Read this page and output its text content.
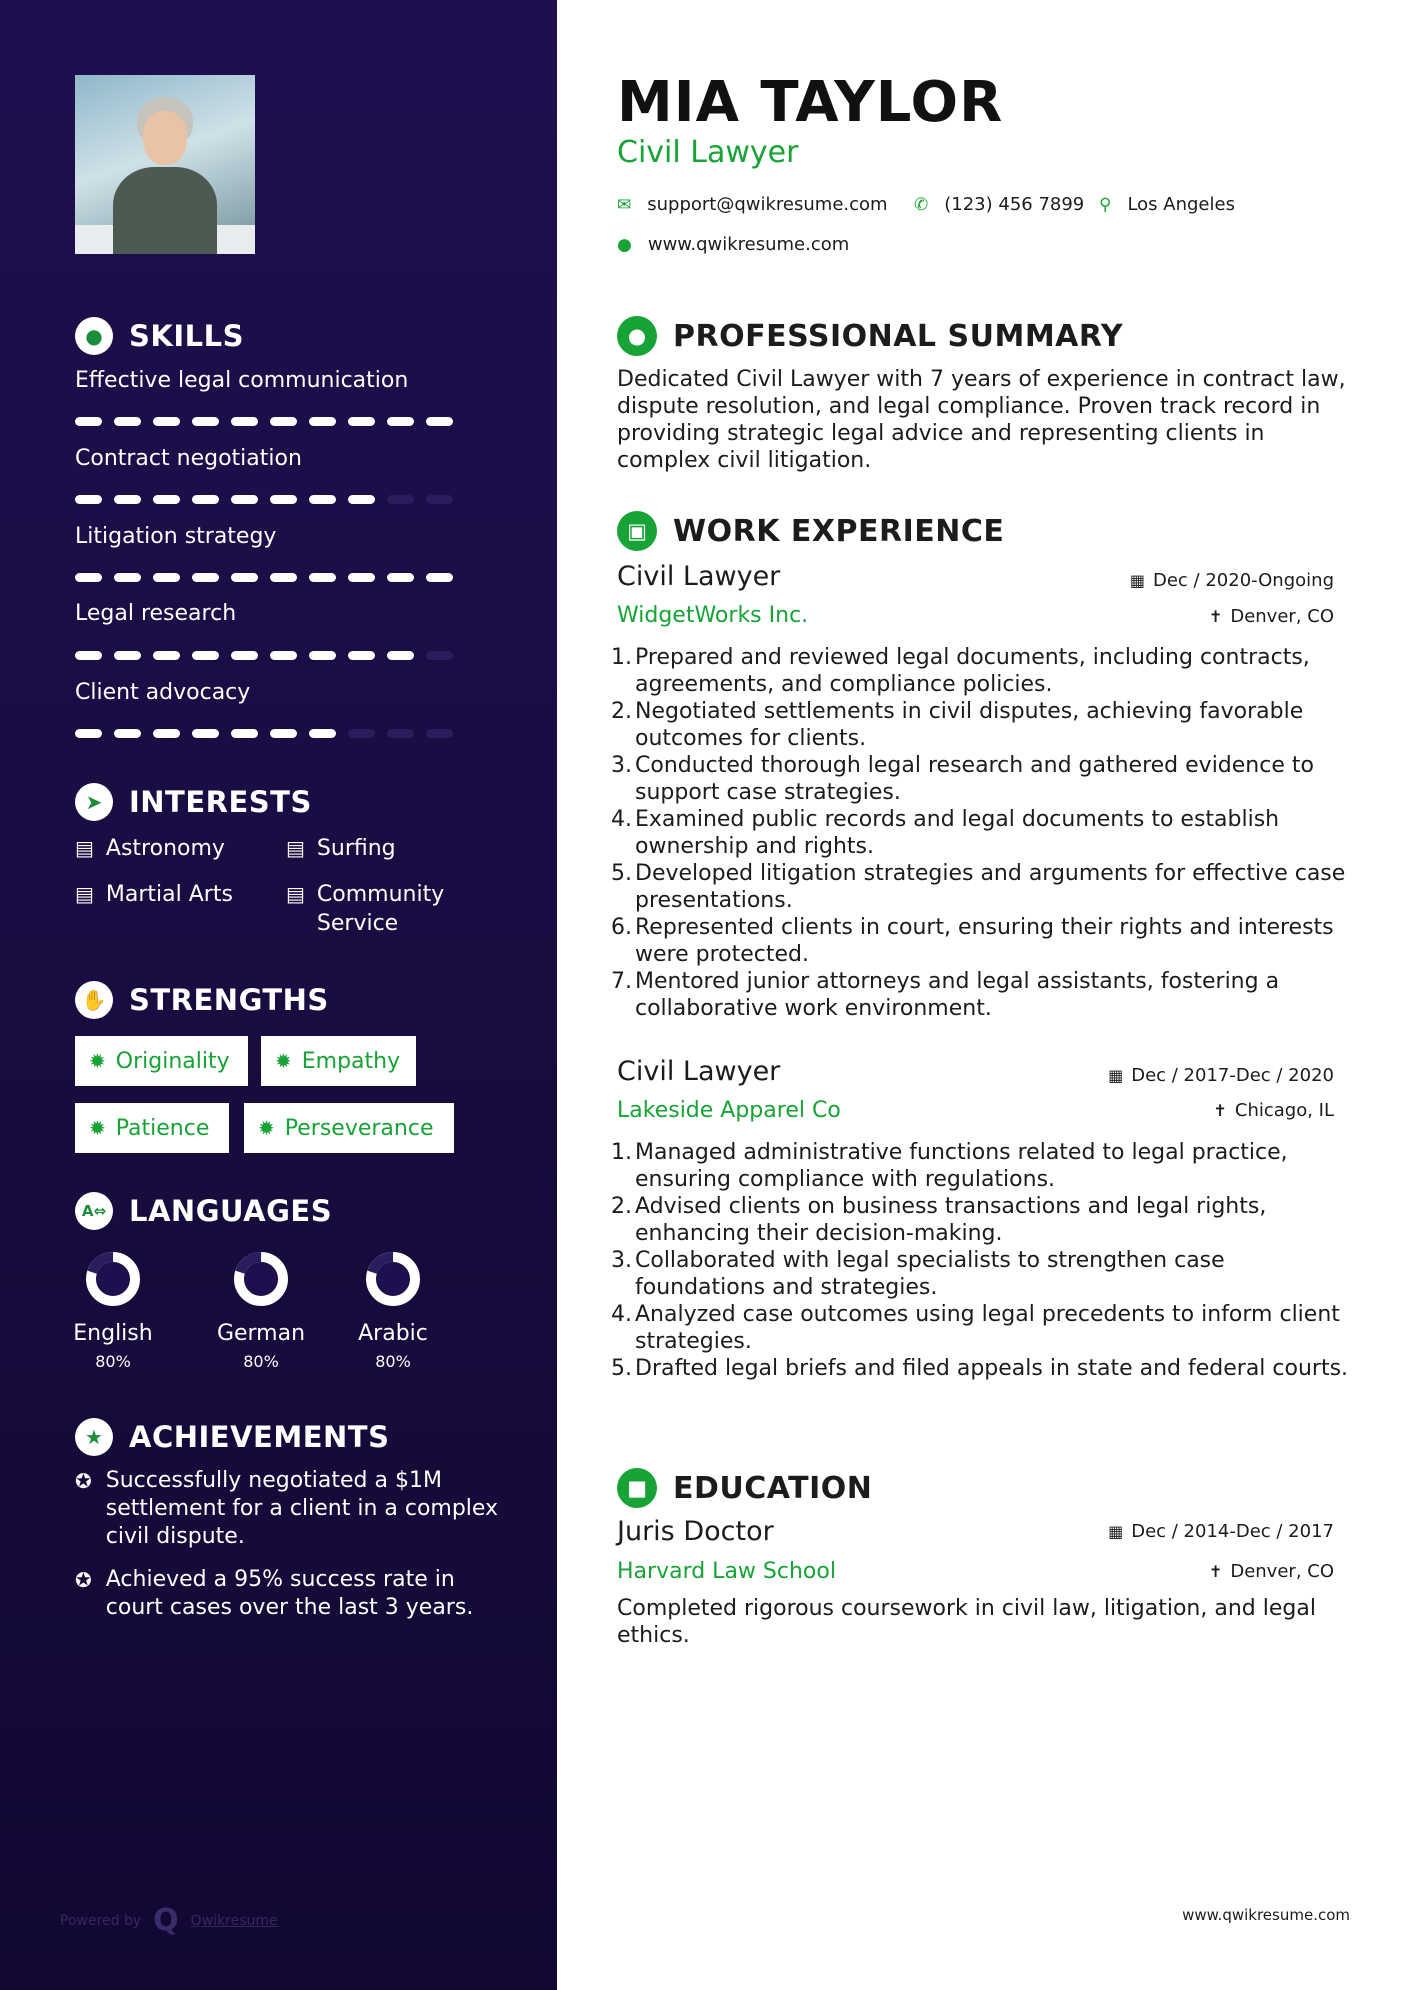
● SKILLS
Effective legal communication
Contract negotiation
Litigation strategy
Legal research
Client advocacy
➤ INTERESTS
▤ Astronomy	▤ Surfing
▤ Martial Arts	▤ Community Service
✋ STRENGTHS
✹ Originality ✹ Empathy
✹ Patience ✹ Perseverance
A⇔ LANGUAGES
English
80%
German
80%
Arabic
80%
★ ACHIEVEMENTS
✪ Successfully negotiated a $1M settlement for a client in a complex civil dispute.
✪ Achieved a 95% success rate in court cases over the last 3 years.
Powered by Q Qwikresume
MIA TAYLOR
Civil Lawyer
✉ support@qwikresume.com ✆ (123) 456 7899 ⚲ Los Angeles
● www.qwikresume.com
● PROFESSIONAL SUMMARY
Dedicated Civil Lawyer with 7 years of experience in contract law, dispute resolution, and legal compliance. Proven track record in providing strategic legal advice and representing clients in complex civil litigation.
▣ WORK EXPERIENCE
Civil Lawyer	▦ Dec / 2020-Ongoing
WidgetWorks Inc.	✝ Denver, CO
1. Prepared and reviewed legal documents, including contracts, agreements, and compliance policies.
2. Negotiated settlements in civil disputes, achieving favorable outcomes for clients.
3. Conducted thorough legal research and gathered evidence to support case strategies.
4. Examined public records and legal documents to establish ownership and rights.
5. Developed litigation strategies and arguments for effective case presentations.
6. Represented clients in court, ensuring their rights and interests were protected.
7. Mentored junior attorneys and legal assistants, fostering a collaborative work environment.
Civil Lawyer	▦ Dec / 2017-Dec / 2020
Lakeside Apparel Co	✝ Chicago, IL
1. Managed administrative functions related to legal practice, ensuring compliance with regulations.
2. Advised clients on business transactions and legal rights, enhancing their decision-making.
3. Collaborated with legal specialists to strengthen case foundations and strategies.
4. Analyzed case outcomes using legal precedents to inform client strategies.
5. Drafted legal briefs and filed appeals in state and federal courts.
■ EDUCATION
Juris Doctor	▦ Dec / 2014-Dec / 2017
Harvard Law School	✝ Denver, CO
Completed rigorous coursework in civil law, litigation, and legal ethics.
www.qwikresume.com
